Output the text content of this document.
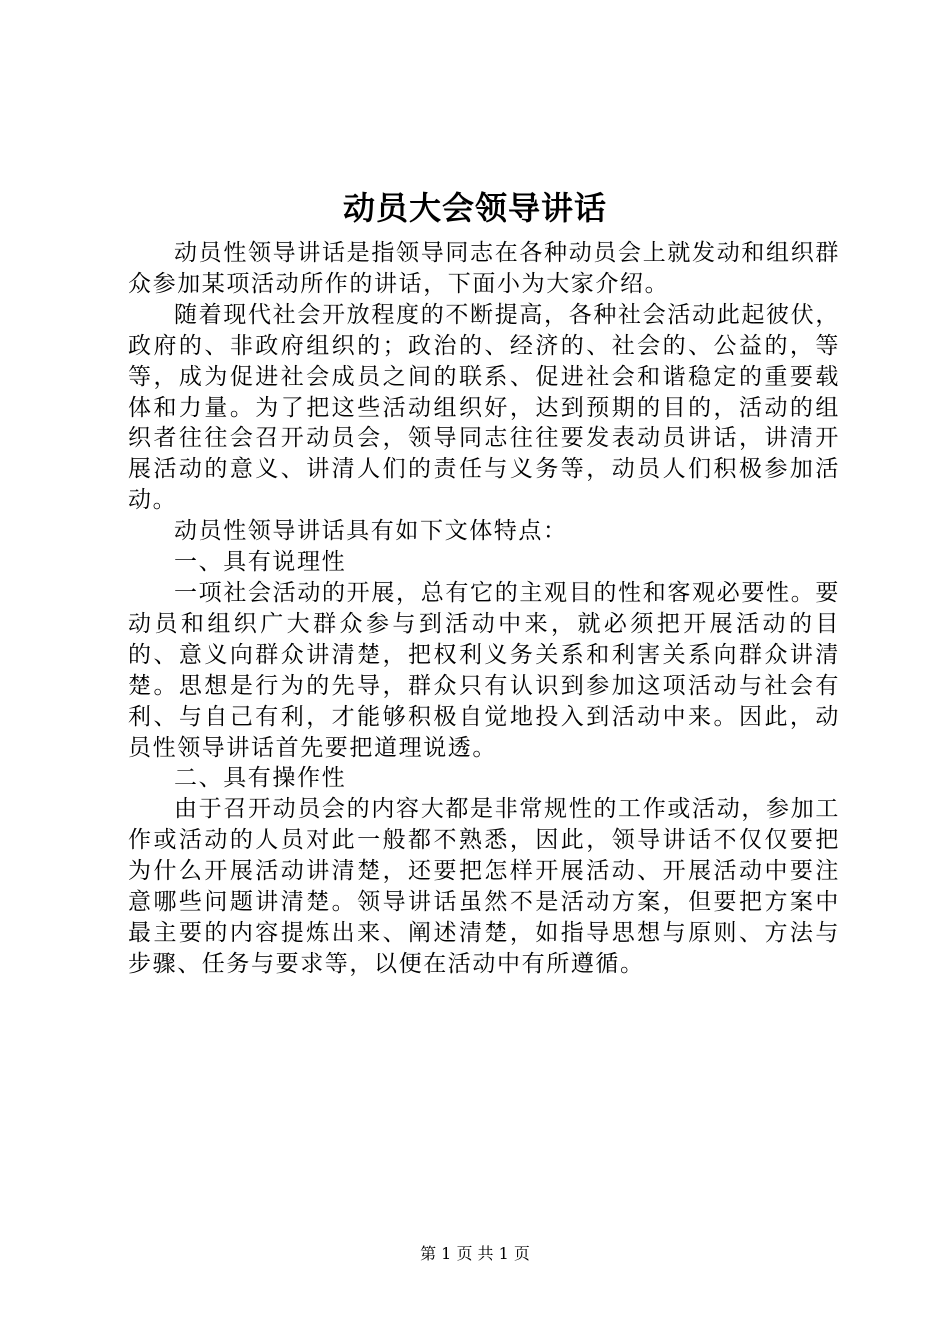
动员大会领导讲话

动员性领导讲话是指领导同志在各种动员会上就发动和组织群众参加某项活动所作的讲话，下面小为大家介绍。

随着现代社会开放程度的不断提高，各种社会活动此起彼伏，政府的、非政府组织的；政治的、经济的、社会的、公益的，等等，成为促进社会成员之间的联系、促进社会和谐稳定的重要载体和力量。为了把这些活动组织好，达到预期的目的，活动的组织者往往会召开动员会，领导同志往往要发表动员讲话，讲清开展活动的意义、讲清人们的责任与义务等，动员人们积极参加活动。

动员性领导讲话具有如下文体特点：

一、具有说理性

一项社会活动的开展，总有它的主观目的性和客观必要性。要动员和组织广大群众参与到活动中来，就必须把开展活动的目的、意义向群众讲清楚，把权利义务关系和利害关系向群众讲清楚。思想是行为的先导，群众只有认识到参加这项活动与社会有利、与自己有利，才能够积极自觉地投入到活动中来。因此，动员性领导讲话首先要把道理说透。

二、具有操作性

由于召开动员会的内容大都是非常规性的工作或活动，参加工作或活动的人员对此一般都不熟悉，因此，领导讲话不仅仅要把为什么开展活动讲清楚，还要把怎样开展活动、开展活动中要注意哪些问题讲清楚。领导讲话虽然不是活动方案，但要把方案中最主要的内容提炼出来、阐述清楚，如指导思想与原则、方法与步骤、任务与要求等，以便在活动中有所遵循。

第 1 页 共 1 页
